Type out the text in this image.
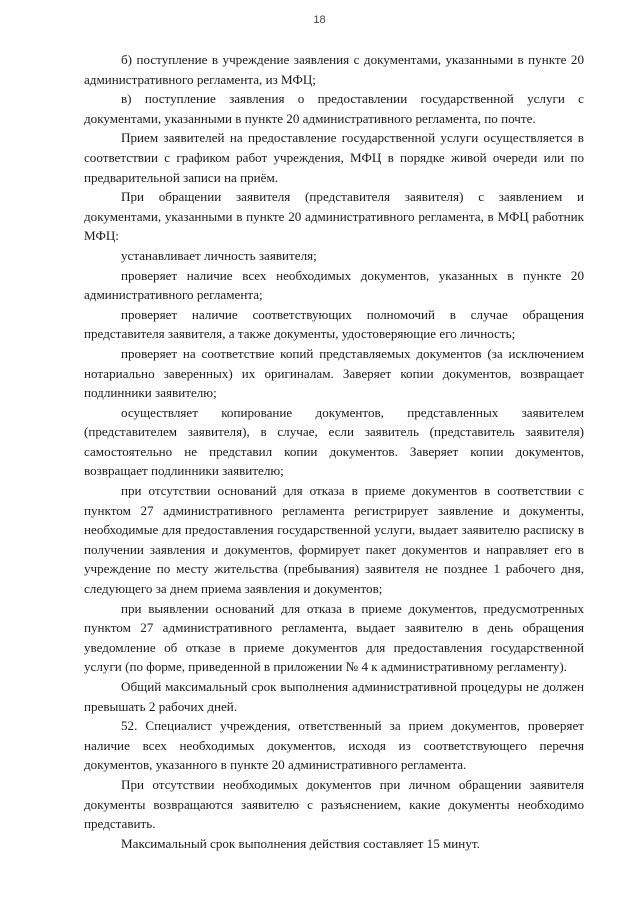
18

б) поступление в учреждение заявления с документами, указанными в пункте 20 административного регламента, из МФЦ;

в) поступление заявления о предоставлении государственной услуги с документами, указанными в пункте 20 административного регламента, по почте.

Прием заявителей на предоставление государственной услуги осуществляется в соответствии с графиком работ учреждения, МФЦ в порядке живой очереди или по предварительной записи на приём.

При обращении заявителя (представителя заявителя) с заявлением и документами, указанными в пункте 20 административного регламента, в МФЦ работник МФЦ:

устанавливает личность заявителя;

проверяет наличие всех необходимых документов, указанных в пункте 20 административного регламента;

проверяет наличие соответствующих полномочий в случае обращения представителя заявителя, а также документы, удостоверяющие его личность;

проверяет на соответствие копий представляемых документов (за исключением нотариально заверенных) их оригиналам. Заверяет копии документов, возвращает подлинники заявителю;

осуществляет копирование документов, представленных заявителем (представителем заявителя), в случае, если заявитель (представитель заявителя) самостоятельно не представил копии документов. Заверяет копии документов, возвращает подлинники заявителю;

при отсутствии оснований для отказа в приеме документов в соответствии с пунктом 27 административного регламента регистрирует заявление и документы, необходимые для предоставления государственной услуги, выдает заявителю расписку в получении заявления и документов, формирует пакет документов и направляет его в учреждение по месту жительства (пребывания) заявителя не позднее 1 рабочего дня, следующего за днем приема заявления и документов;

при выявлении оснований для отказа в приеме документов, предусмотренных пунктом 27 административного регламента, выдает заявителю в день обращения уведомление об отказе в приеме документов для предоставления государственной услуги (по форме, приведенной в приложении № 4 к административному регламенту).

Общий максимальный срок выполнения административной процедуры не должен превышать 2 рабочих дней.

52. Специалист учреждения, ответственный за прием документов, проверяет наличие всех необходимых документов, исходя из соответствующего перечня документов, указанного в пункте 20 административного регламента.

При отсутствии необходимых документов при личном обращении заявителя документы возвращаются заявителю с разъяснением, какие документы необходимо представить.

Максимальный срок выполнения действия составляет 15 минут.
